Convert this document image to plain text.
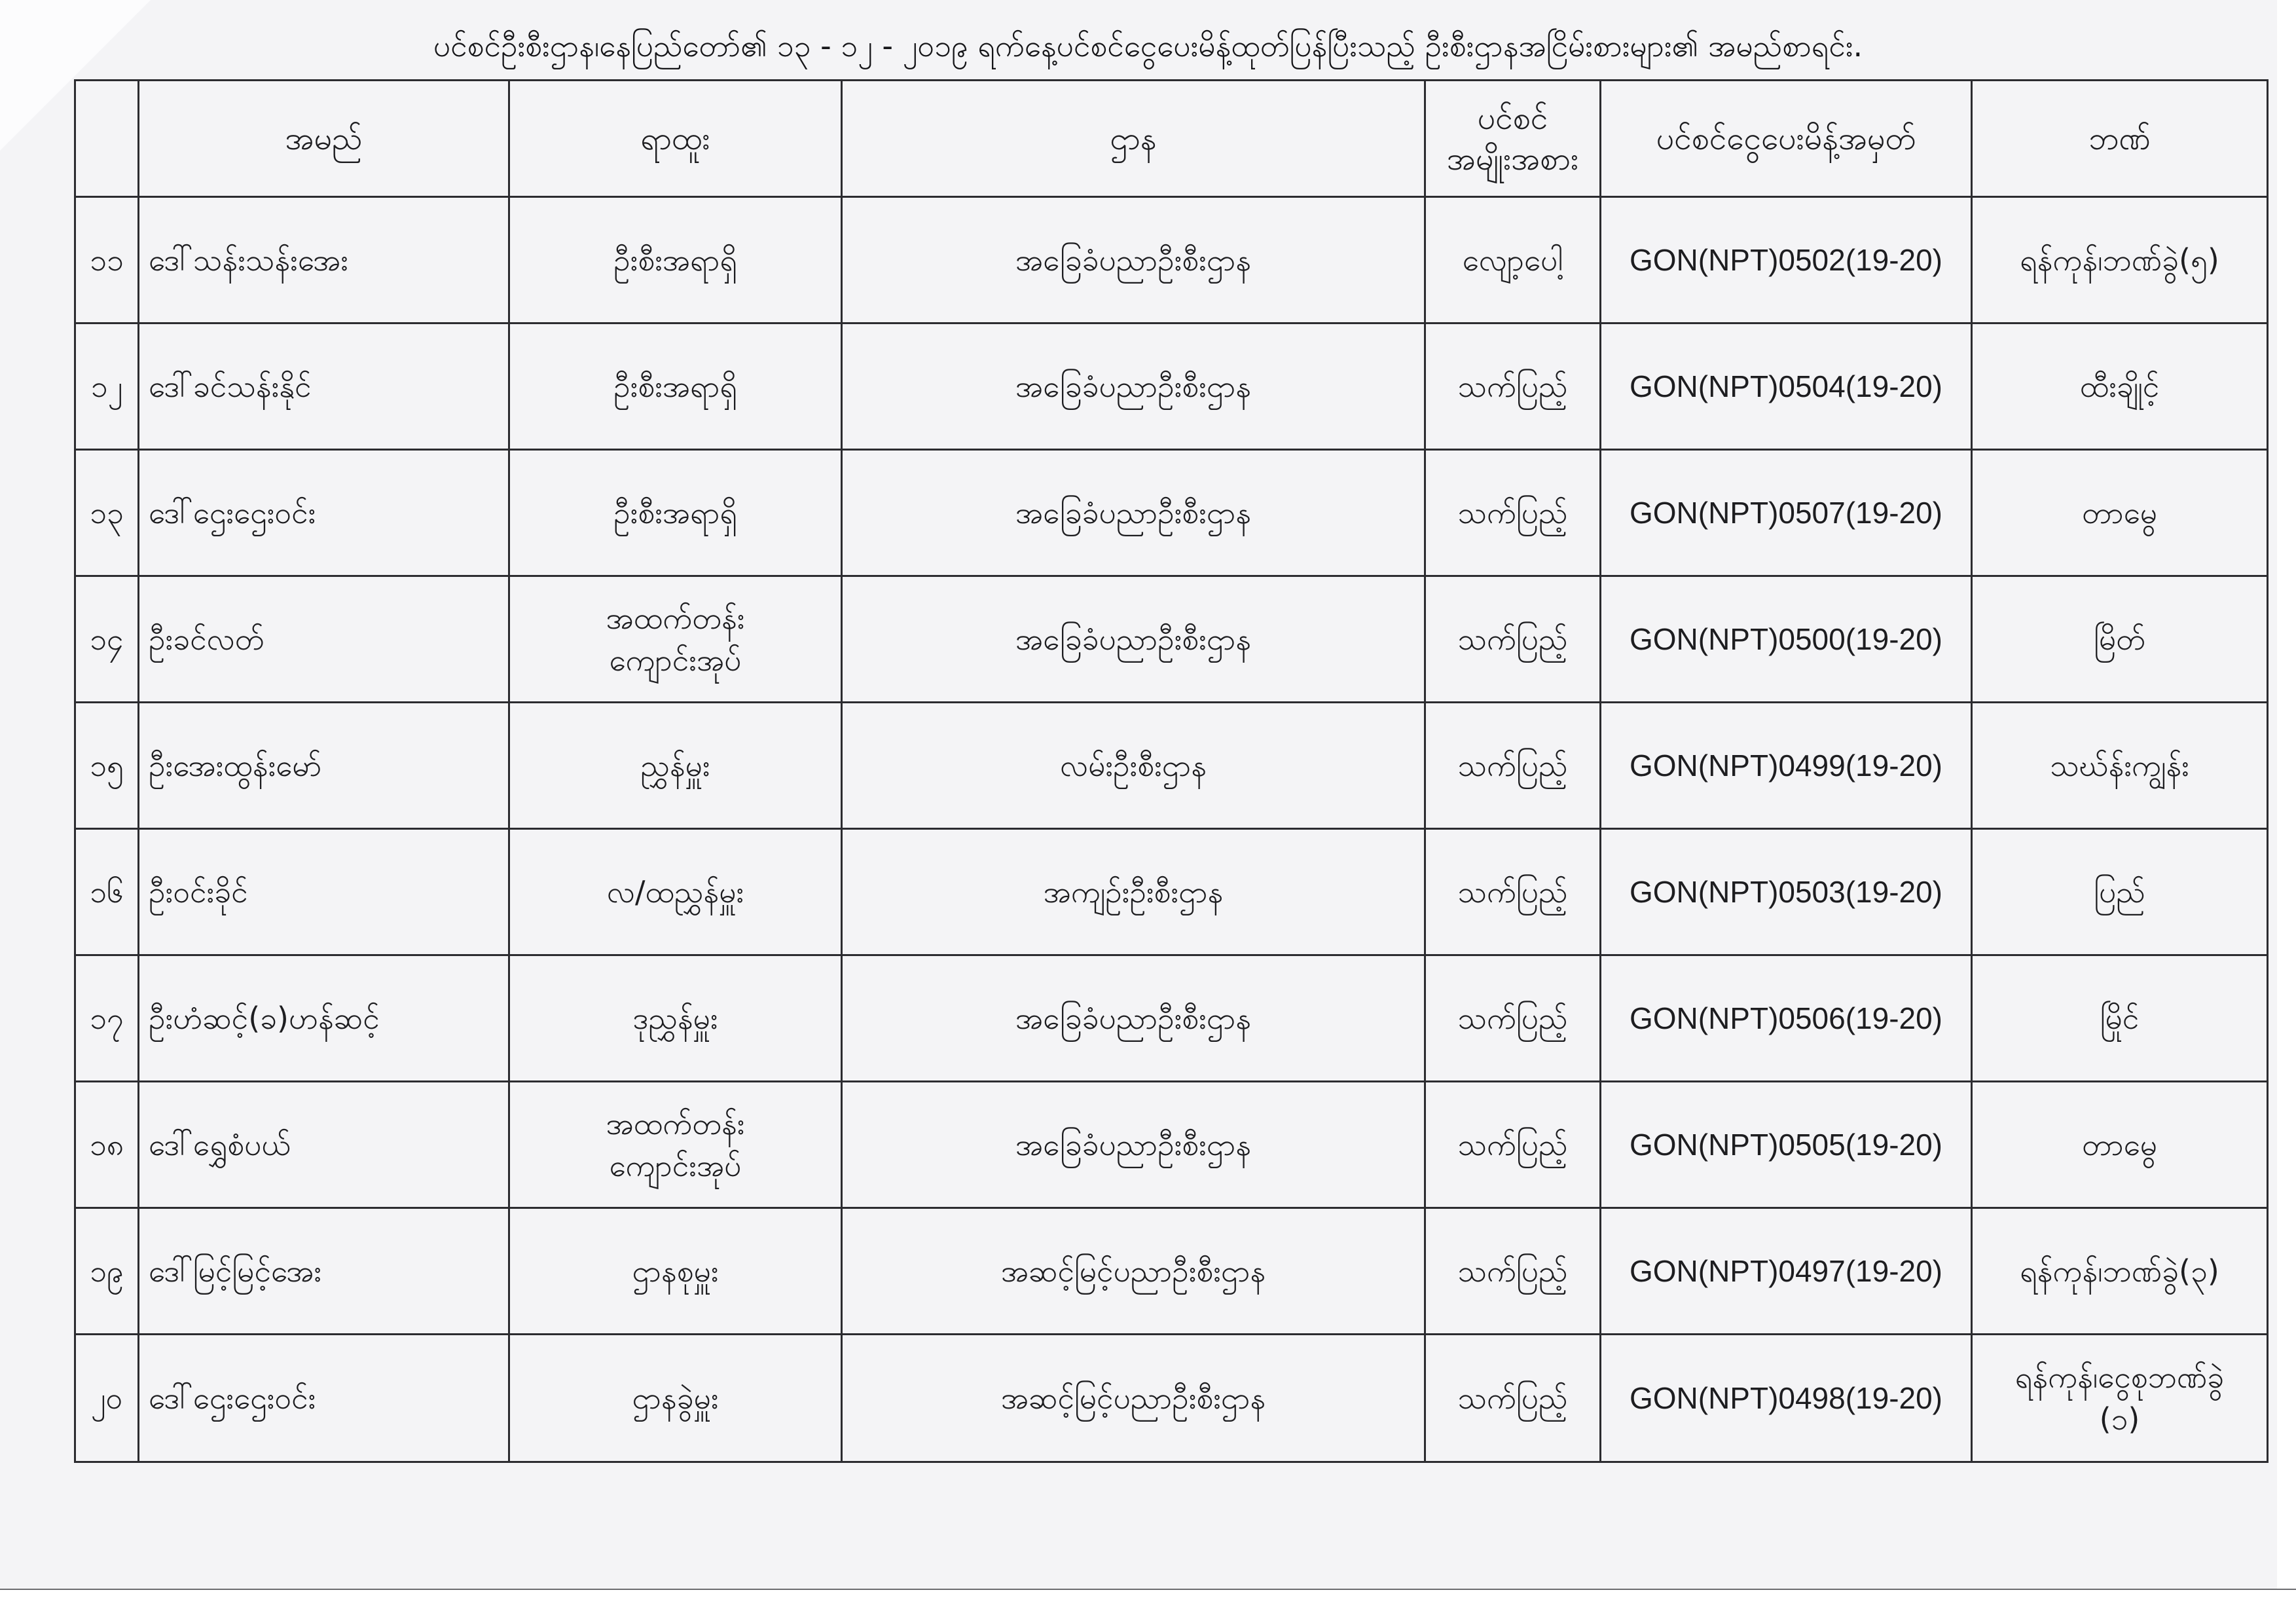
ပင်စင်ဦးစီးဌာန၊နေပြည်တော်၏ ၁၃ - ၁၂ - ၂၀၁၉ ရက်နေ့ပင်စင်ငွေပေးမိန့်ထုတ်ပြန်ပြီးသည့် ဦးစီးဌာနအငြိမ်းစားများ၏ အမည်စာရင်း.
	အမည်	ရာထူး	ဌာန	ပင်စင်
အမျိုးအစား	ပင်စင်ငွေပေးမိန့်အမှတ်	ဘဏ်
၁၁	ဒေါ်သန်းသန်းအေး	ဦးစီးအရာရှိ	အခြေခံပညာဦးစီးဌာန	လျော့ပေါ့	GON(NPT)0502(19-20)	ရန်ကုန်၊ဘဏ်ခွဲ(၅)
၁၂	ဒေါ်ခင်သန်းနိုင်	ဦးစီးအရာရှိ	အခြေခံပညာဦးစီးဌာန	သက်ပြည့်	GON(NPT)0504(19-20)	ထီးချိုင့်
၁၃	ဒေါ်ဌေးဌေးဝင်း	ဦးစီးအရာရှိ	အခြေခံပညာဦးစီးဌာန	သက်ပြည့်	GON(NPT)0507(19-20)	တာမွေ
၁၄	ဦးခင်လတ်	အထက်တန်း
ကျောင်းအုပ်	အခြေခံပညာဦးစီးဌာန	သက်ပြည့်	GON(NPT)0500(19-20)	မြိတ်
၁၅	ဦးအေးထွန်းမော်	ညွှန်မှူး	လမ်းဦးစီးဌာန	သက်ပြည့်	GON(NPT)0499(19-20)	သဃ်န်းကျွန်း
၁၆	ဦးဝင်းခိုင်	လ/ထညွှန်မှူး	အကျဉ်းဦးစီးဌာန	သက်ပြည့်	GON(NPT)0503(19-20)	ပြည်
၁၇	ဦးဟံဆင့်(ခ)ဟန်ဆင့်	ဒုညွှန်မှူး	အခြေခံပညာဦးစီးဌာန	သက်ပြည့်	GON(NPT)0506(19-20)	မြိုင်
၁၈	ဒေါ်ရွှေစံပယ်	အထက်တန်း
ကျောင်းအုပ်	အခြေခံပညာဦးစီးဌာန	သက်ပြည့်	GON(NPT)0505(19-20)	တာမွေ
၁၉	ဒေါ်မြင့်မြင့်အေး	ဌာနစုမှူး	အဆင့်မြင့်ပညာဦးစီးဌာန	သက်ပြည့်	GON(NPT)0497(19-20)	ရန်ကုန်၊ဘဏ်ခွဲ(၃)
၂၀	ဒေါ်ဌေးဌေးဝင်း	ဌာနခွဲမှူး	အဆင့်မြင့်ပညာဦးစီးဌာန	သက်ပြည့်	GON(NPT)0498(19-20)	ရန်ကုန်၊ငွေစုဘဏ်ခွဲ
(၁)
